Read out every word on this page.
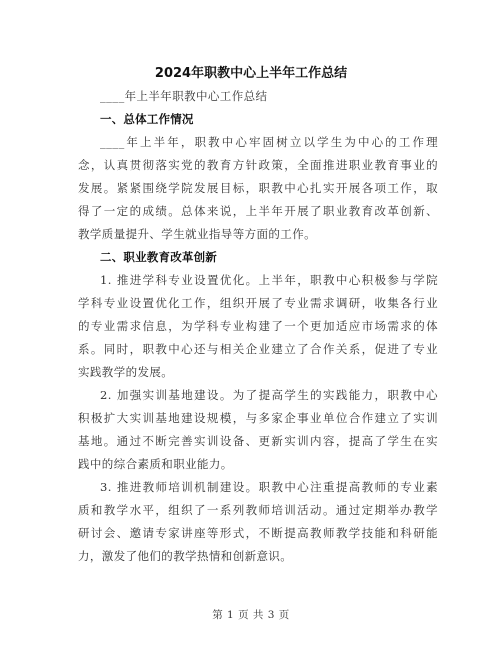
2024年职教中心上半年工作总结
____年上半年职教中心工作总结
一、总体工作情况
____年上半年，职教中心牢固树立以学生为中心的工作理
念，认真贯彻落实党的教育方针政策，全面推进职业教育事业的
发展。紧紧围绕学院发展目标，职教中心扎实开展各项工作，取
得了一定的成绩。总体来说，上半年开展了职业教育改革创新、
教学质量提升、学生就业指导等方面的工作。
二、职业教育改革创新
1. 推进学科专业设置优化。上半年，职教中心积极参与学院
学科专业设置优化工作，组织开展了专业需求调研，收集各行业
的专业需求信息，为学科专业构建了一个更加适应市场需求的体
系。同时，职教中心还与相关企业建立了合作关系，促进了专业
实践教学的发展。
2. 加强实训基地建设。为了提高学生的实践能力，职教中心
积极扩大实训基地建设规模，与多家企事业单位合作建立了实训
基地。通过不断完善实训设备、更新实训内容，提高了学生在实
践中的综合素质和职业能力。
3. 推进教师培训机制建设。职教中心注重提高教师的专业素
质和教学水平，组织了一系列教师培训活动。通过定期举办教学
研讨会、邀请专家讲座等形式，不断提高教师教学技能和科研能
力，激发了他们的教学热情和创新意识。
第 1 页 共 3 页
